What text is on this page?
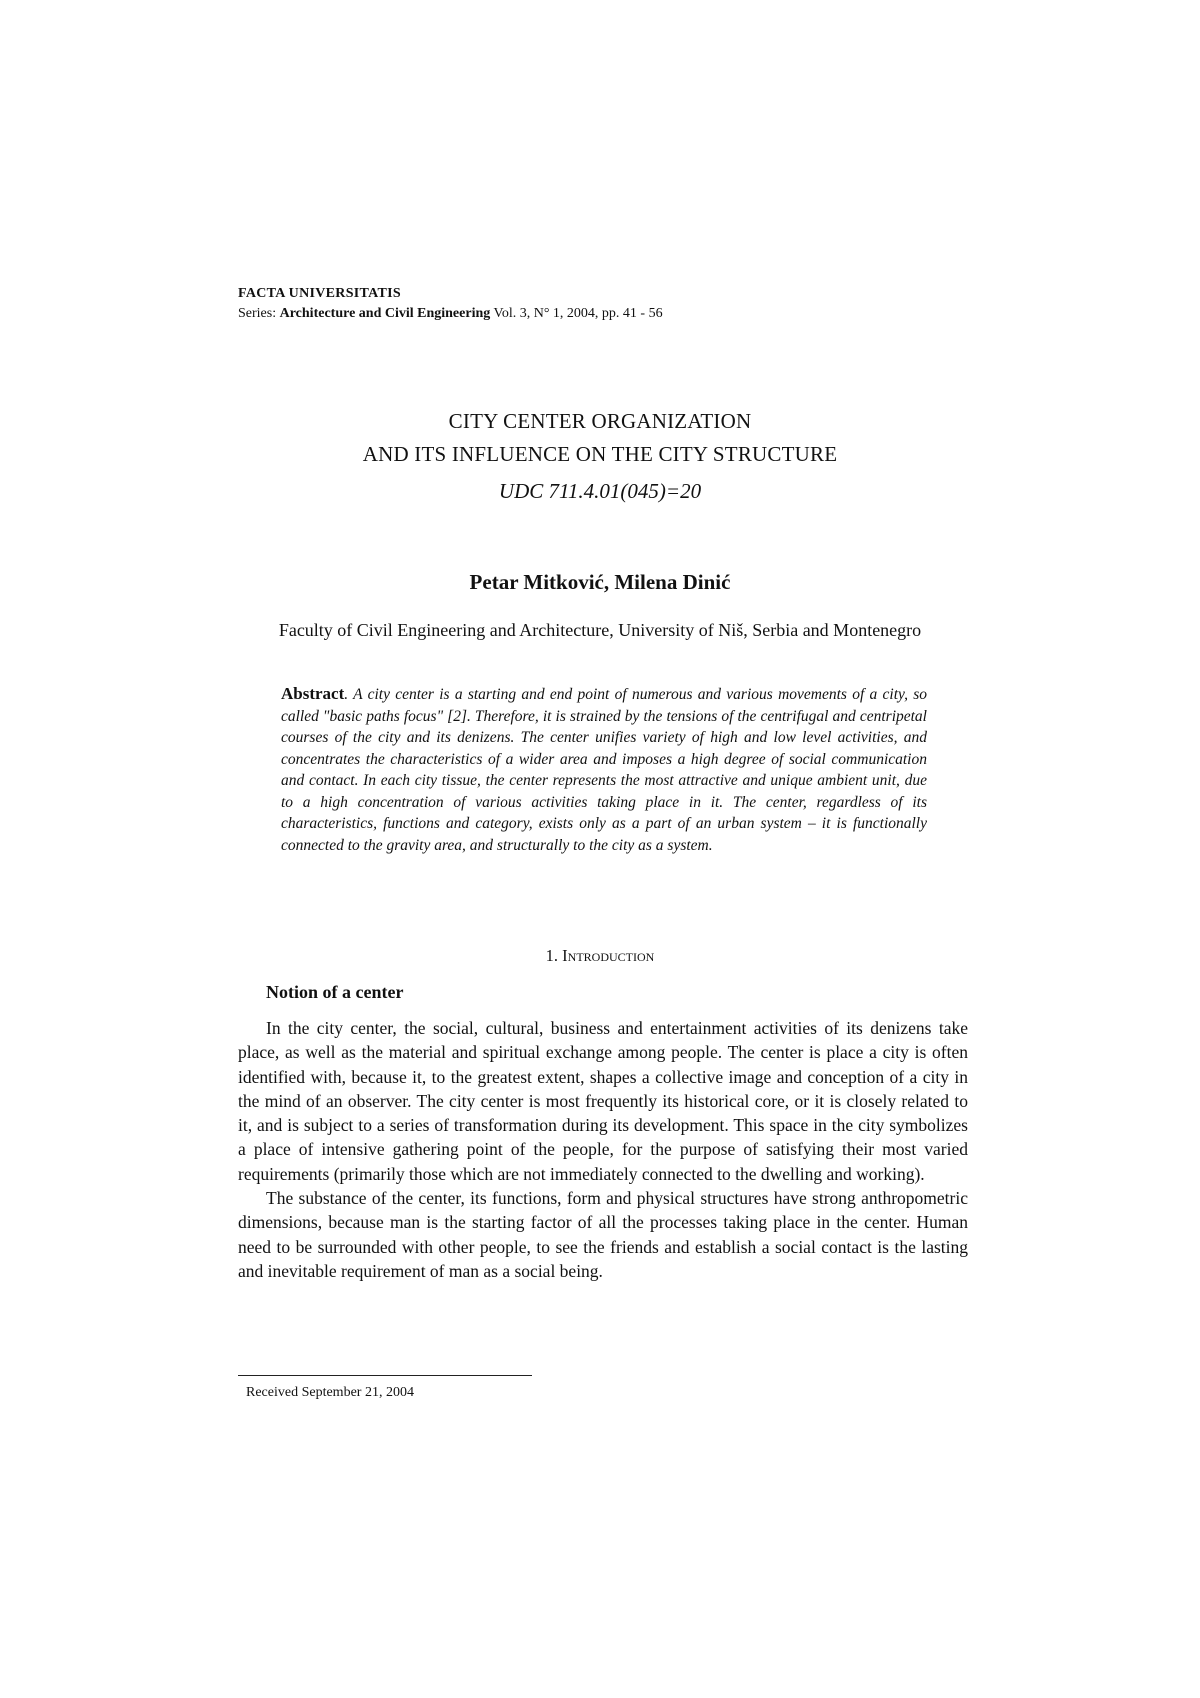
FACTA UNIVERSITATIS
Series: Architecture and Civil Engineering Vol. 3, N° 1, 2004, pp. 41 - 56
CITY CENTER ORGANIZATION
AND ITS INFLUENCE ON THE CITY STRUCTURE
UDC 711.4.01(045)=20
Petar Mitković, Milena Dinić
Faculty of Civil Engineering and Architecture, University of Niš, Serbia and Montenegro
Abstract. A city center is a starting and end point of numerous and various movements of a city, so called "basic paths focus" [2]. Therefore, it is strained by the tensions of the centrifugal and centripetal courses of the city and its denizens. The center unifies variety of high and low level activities, and concentrates the characteristics of a wider area and imposes a high degree of social communication and contact. In each city tissue, the center represents the most attractive and unique ambient unit, due to a high concentration of various activities taking place in it. The center, regardless of its characteristics, functions and category, exists only as a part of an urban system – it is functionally connected to the gravity area, and structurally to the city as a system.
1. Introduction
Notion of a center

In the city center, the social, cultural, business and entertainment activities of its denizens take place, as well as the material and spiritual exchange among people. The center is place a city is often identified with, because it, to the greatest extent, shapes a collective image and conception of a city in the mind of an observer. The city center is most frequently its historical core, or it is closely related to it, and is subject to a series of transformation during its development. This space in the city symbolizes a place of intensive gathering point of the people, for the purpose of satisfying their most varied requirements (primarily those which are not immediately connected to the dwelling and working).

The substance of the center, its functions, form and physical structures have strong anthropometric dimensions, because man is the starting factor of all the processes taking place in the center. Human need to be surrounded with other people, to see the friends and establish a social contact is the lasting and inevitable requirement of man as a social being.

Received September 21, 2004
